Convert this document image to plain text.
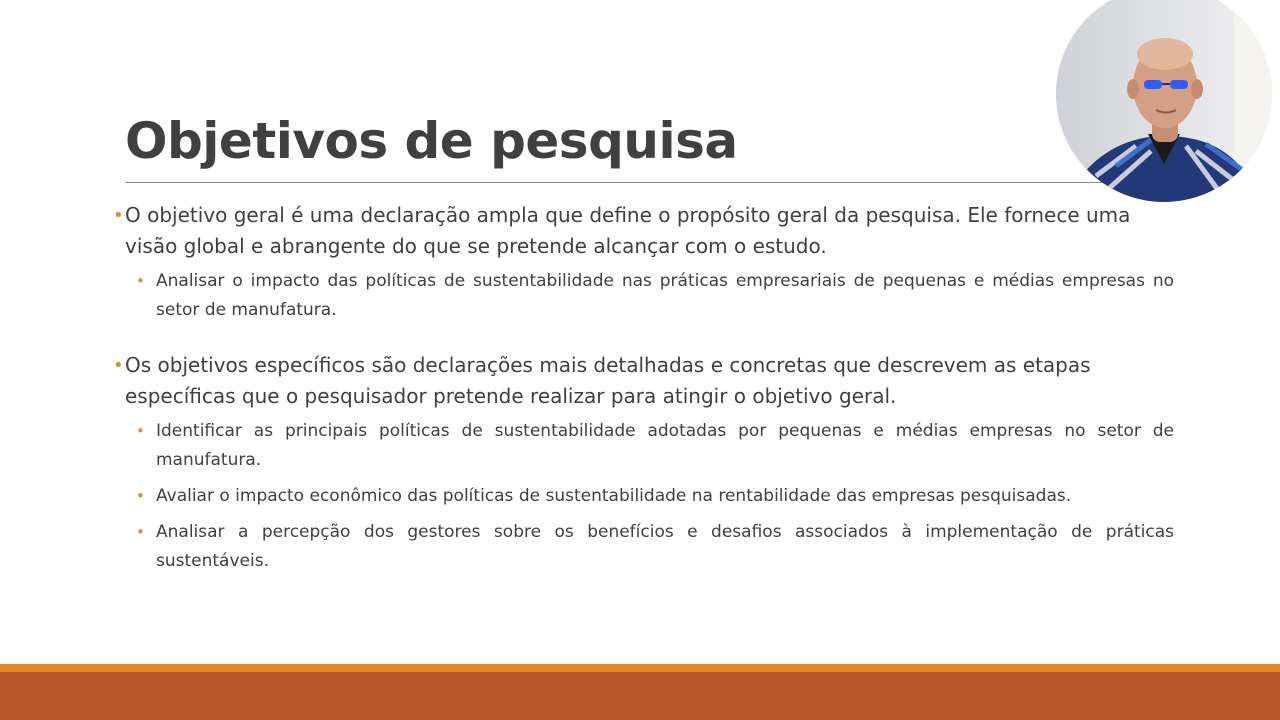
Objetivos de pesquisa
• O objetivo geral é uma declaração ampla que define o propósito geral da pesquisa. Ele fornece uma visão global e abrangente do que se pretende alcançar com o estudo.
• Analisar o impacto das políticas de sustentabilidade nas práticas empresariais de pequenas e médias empresas no setor de manufatura.
• Os objetivos específicos são declarações mais detalhadas e concretas que descrevem as etapas específicas que o pesquisador pretende realizar para atingir o objetivo geral.
• Identificar as principais políticas de sustentabilidade adotadas por pequenas e médias empresas no setor de manufatura.
• Avaliar o impacto econômico das políticas de sustentabilidade na rentabilidade das empresas pesquisadas.
• Analisar a percepção dos gestores sobre os benefícios e desafios associados à implementação de práticas sustentáveis.
